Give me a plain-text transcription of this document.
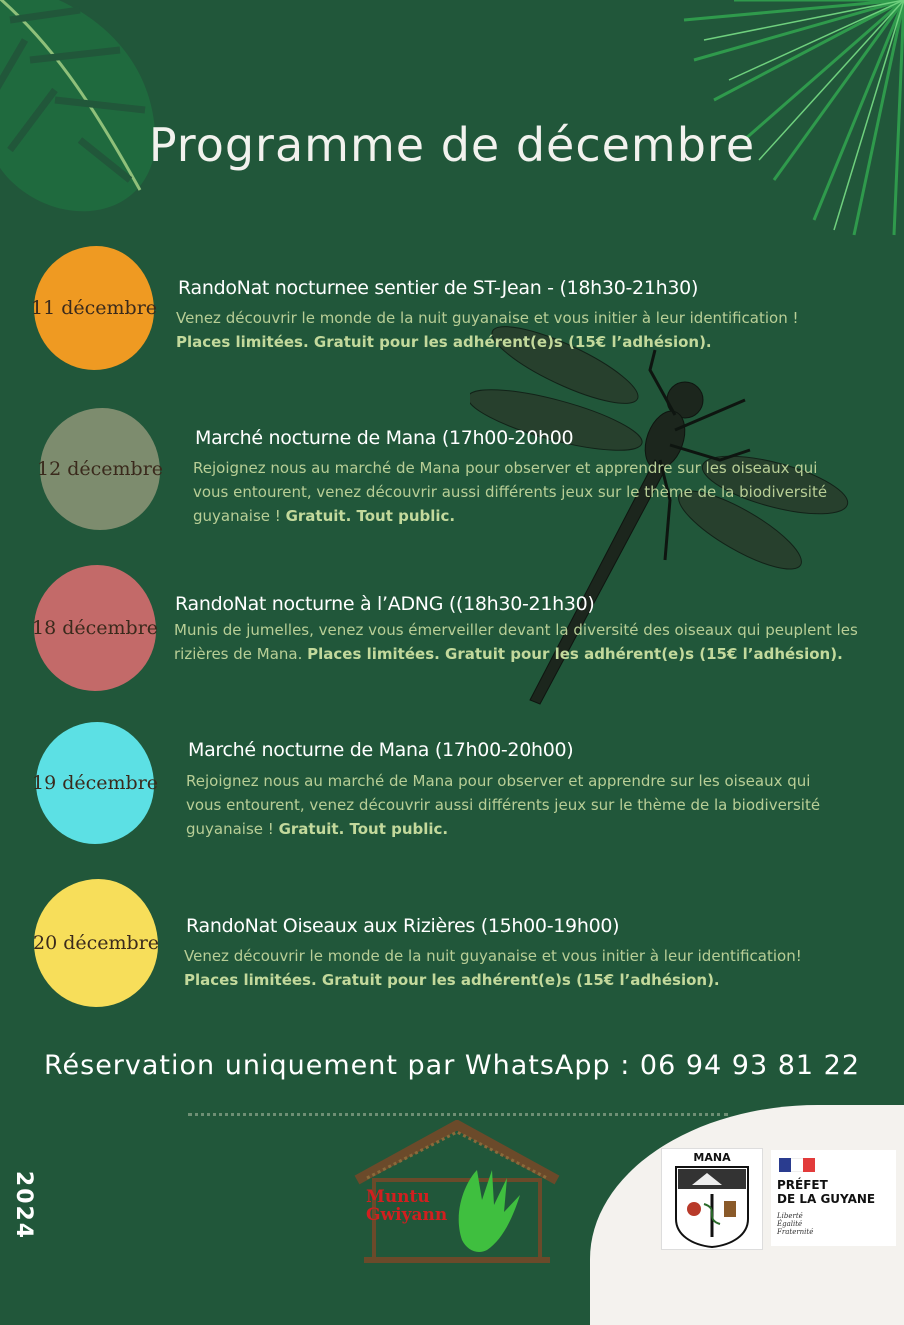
Programme de décembre
11 décembre
RandoNat nocturnee sentier de ST-Jean - (18h30-21h30)
Venez découvrir le monde de la nuit guyanaise et vous initier à leur identification !
Places limitées. Gratuit pour les adhérent(e)s (15€ l’adhésion).
12 décembre
Marché nocturne de Mana (17h00-20h00
Rejoignez nous au marché de Mana pour observer et apprendre sur les oiseaux qui vous entourent, venez découvrir aussi différents jeux sur le thème de la biodiversité guyanaise ! Gratuit. Tout public.
18 décembre
RandoNat nocturne à l’ADNG ((18h30-21h30)
Munis de jumelles, venez vous émerveiller devant la diversité des oiseaux qui peuplent les rizières de Mana. Places limitées. Gratuit pour les adhérent(e)s (15€ l’adhésion).
19 décembre
Marché nocturne de Mana (17h00-20h00)
Rejoignez nous au marché de Mana pour observer et apprendre sur les oiseaux qui vous entourent, venez découvrir aussi différents jeux sur le thème de la biodiversité guyanaise ! Gratuit. Tout public.
20 décembre
RandoNat Oiseaux aux Rizières (15h00-19h00)
Venez découvrir le monde de la nuit guyanaise et vous initier à leur identification!
Places limitées. Gratuit pour les adhérent(e)s (15€ l’adhésion).
Réservation uniquement par WhatsApp : 06 94 93 81 22
2024	Muntu Gwiyann
MANA
PRÉFET
DE LA GUYANE
Liberté
Égalité
Fraternité
